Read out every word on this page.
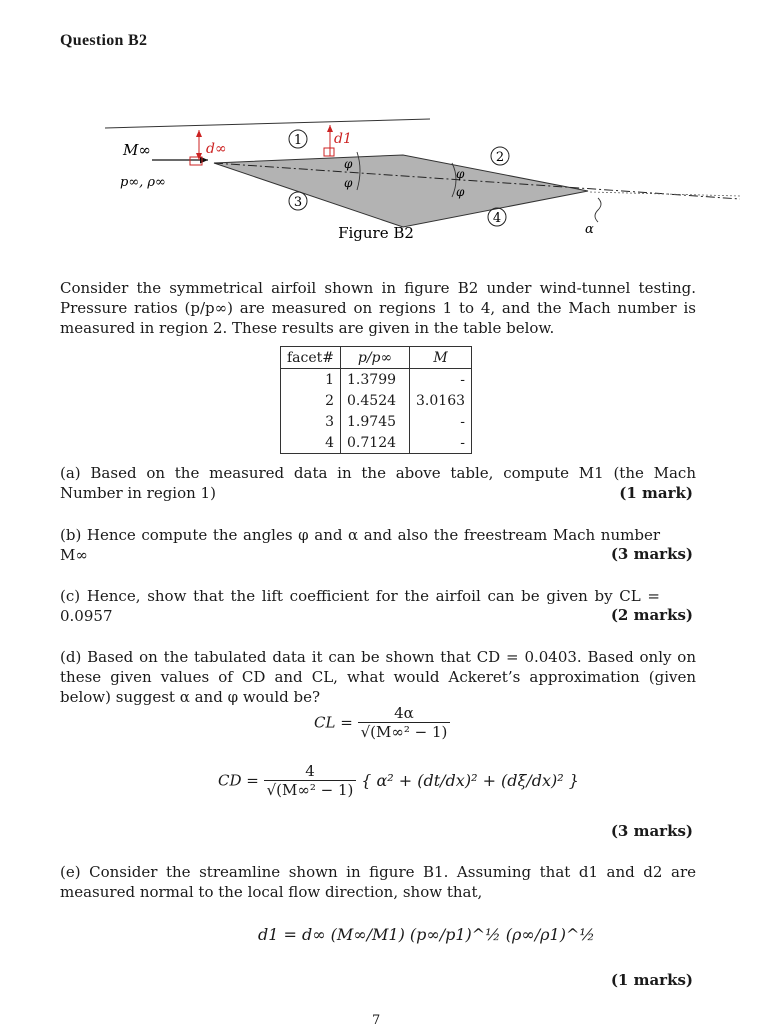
Question B2
1
2
3
4
M∞
p∞, ρ∞
d∞
d1
φ
φ
φ
φ
α
Figure B2
Consider the symmetrical airfoil shown in figure B2 under wind-tunnel testing. Pressure ratios (p/p∞) are measured on regions 1 to 4, and the Mach number is measured in region 2. These results are given in the table below.
facet#	p/p∞	M
1	1.3799	-
2	0.4524	3.0163
3	1.9745	-
4	0.7124	-
(a) Based on the measured data in the above table, compute M1 (the Mach Number in region 1)	(1 mark)
(b) Hence compute the angles φ and α and also the freestream Mach number M∞	(3 marks)
(c) Hence, show that the lift coefficient for the airfoil can be given by CL = 0.0957	(2 marks)
(d) Based on the tabulated data it can be shown that CD = 0.0403. Based only on these given values of CD and CL, what would Ackeret’s approximation (given below) suggest α and φ would be?
CL = $\frac{4\alpha}{\text{√(M∞² − 1)}}$
CD = $\frac{4}{\text{√(M∞² − 1)}}$ { α² + (dt/dx)² + (dξ/dx)² }
(3 marks)
(e) Consider the streamline shown in figure B1. Assuming that d1 and d2 are measured normal to the local flow direction, show that,
d1 = d∞ (M∞/M1) (p∞/p1)^½ (ρ∞/ρ1)^½
(1 marks)
7
